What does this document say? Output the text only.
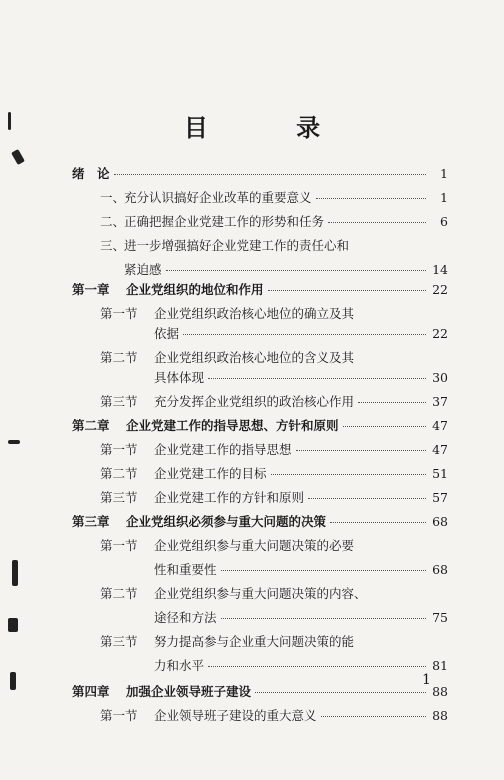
目 录
绪　论	1
一、充分认识搞好企业改革的重要意义	1
二、正确把握企业党建工作的形势和任务	6
三、进一步增强搞好企业党建工作的责任心和
紧迫感	14
第一章 企业党组织的地位和作用	22
第一节 企业党组织政治核心地位的确立及其
依据	22
第二节 企业党组织政治核心地位的含义及其
具体体现	30
第三节 充分发挥企业党组织的政治核心作用	37
第二章 企业党建工作的指导思想、方针和原则	47
第一节 企业党建工作的指导思想	47
第二节 企业党建工作的目标	51
第三节 企业党建工作的方针和原则	57
第三章 企业党组织必须参与重大问题的决策	68
第一节 企业党组织参与重大问题决策的必要
性和重要性	68
第二节 企业党组织参与重大问题决策的内容、
途径和方法	75
第三节 努力提高参与企业重大问题决策的能
力和水平	81
第四章 加强企业领导班子建设	88
第一节 企业领导班子建设的重大意义	88
1
